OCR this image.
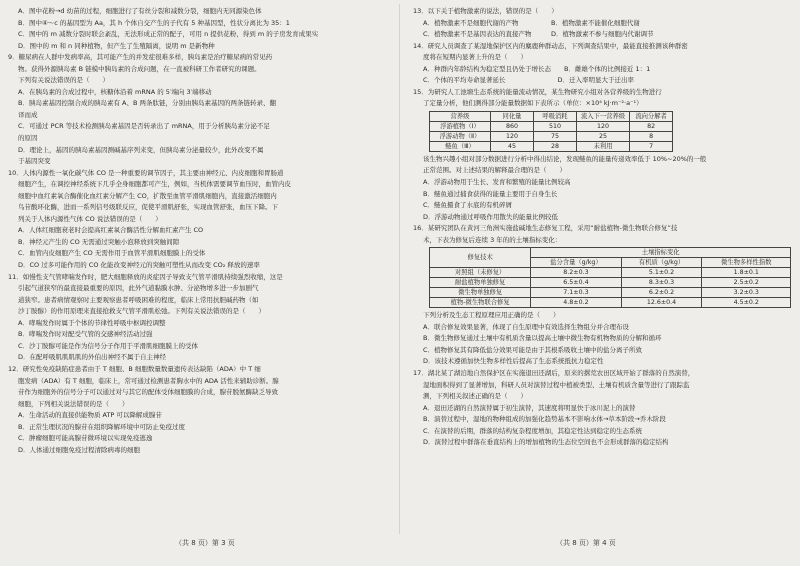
A．图中花粉→d 幼苗的过程，细胞进行了有丝分裂和减数分裂，细胞内无同源染色体
B．图中④～c 的基因型为 Aa，其 h 个体自交产生的子代有 5 种基因型，性状分离比为 35：1
C．图中的 m 减数分裂时联会紊乱，无法形成正常的配子，可用 n 提供花粉，得到 m 的子房发育成果实
D．图中的 m 和 n 同种植物，但产生了生殖隔离，说明 m 是新物种
9．糖尿病在人群中发病率高，其可能产生的并发症很难多样，胰岛素是治疗糖尿病的常见药
物。获得外源胰岛素 B 链模中胰岛素的合成问题，在一直被科研工作者研究的课题。
下列有关说法错误的是（　　）
A．在胰岛素的合成过程中，核糖体沿着 mRNA 的 5′端向 3′端移动
B．胰岛素基因控制合成的胰岛素有 A、B 两条肽链，分别由胰岛素基因的两条链转录、翻
译而成
C．可通过 PCR 等技术检测胰岛素基因是否转录出了 mRNA，用于分析胰岛素分泌不足
的原因
D．理论上，基因的胰岛素基因测碱基序列来变，但胰岛素分泌量较少，此外改变不属
于基因突变
10．人体内源性一氧化碳气体 CO 是一种重要的调节因子，其主要由神经元、内皮细胞和胃肠道
细胞产生，在调控神经系统下几乎全身细胞都可产生，例如，当机体需要调节血压时，血管内皮
细胞中血红素氧合酶催化血红素分解产生 CO，扩散至血管平滑肌细胞内，直接激活细胞内
鸟苷酸环化酶，进而一系列信号级联反应，促使平滑肌舒张，实现血管舒张，血压下降。下
列关于人体内源性气体 CO 说法错误的是（　　）
A．人体红细胞衰老时会提高红素氧合酶活性分解血红素产生 CO
B．神经元产生的 CO 无需通过突触小泡释放到突触间隙
C．血管内皮细胞产生 CO 无需作用于血管平滑肌细胞膜上的受体
D．CO 过多可能作用的 CO 化能改变神经元的突触可塑性从而改变 CO₂ 释放的速率
11．如慢性支气管哮喘发作时，肥大细胞释放的炎症因子导致支气管平滑肌持续强烈收缩，这是
引起气道狭窄的最直接最重要的原因，此外气道黏膜水肿、分泌物增多进一步加剧气
道狭窄。患者病情观察时主要观察患者呼吸困难的程度，临床上常用抗胆碱药物（如
沙丁胺醇）的作用原理来直接抢救支气管平滑肌松弛。下列有关说法错误的是（　　）
A．哮喘发作时属于个体的节律性呼吸中枢调控调整
B．哮喘发作时对配受气管的交感神经活动过强
C．沙丁胺醇可能是作为信号分子作用于平滑肌细胞膜上的受体
D．在配呼吸肌肌肌肌的外伯出神经不属于自主神经
12．研究性免疫缺陷症患者由于 T 细胞、B 细胞数量数量遗传表达缺陷（ADA）中 T 细
胞发病（ADA）有 T 细胞，临床上，常可通过检测患者胸水中的 ADA 活性来辅助诊断。腺
苷作为细胞外的信号分子可以通过对与其它的配体受体细胞膜的合成，腺苷脱氨酶缺乏导致
细胞，下列相关说法错误的是（　　）
A．生命活动的直接供能物质 ATP 可以降解成腺苷
B．正常生理状况的腺苷在组织降解环境中可防止免疫过度
C．肿瘤细胞可能高腺苷微环境以实现免疫逃逸
D．人体通过细胞免疫过程清除病毒的细胞
13．以下关于植物激素的说法，错误的是（　　）
A．植物激素不是细胞代谢的产物　　　　　B．植物激素不能催化细胞代谢
C．植物激素不是基因表达的直接产物　　　D．植物激素不参与细胞内代谢调节
14．研究人员调查了某湿地保护区内的麋鹿种群动态，下列调查结果中，最能直接推测该种群密
度将在短期内显著上升的是（　　）
A．种群内年龄结构为稳定型且仍处于增长态　　B．雌雄个体的比例接近 1：1
C．个体的平均寿命显著延长　　　　　　　　D．迁入率明显大于迁出率
15．为研究人工池塘生态系统的能量流动情况，某生物研究小组对各营养级的生物进行
了定量分析，他们测得部分能量数据如下表所示（单位：×10⁴ kJ·m⁻²·a⁻¹）
营养级	同化量	呼吸消耗	流入下一营养级	流向分解者
浮游植物（Ⅰ）	860	510	120	82
浮游动物（Ⅱ）	120	75	25	8
鲢鱼（Ⅲ）	45	28	未利用	7
该生物兴趣小组对部分数据进行分析中得出结论，发现鲢鱼的能量传递效率低于 10%~20%的一般
正常范围。对上述结果的解释最合理的是（　　）
A．浮游动物用于生长、发育和繁殖的能量比例较高
B．鲢鱼通过捕食获得的能量主要用于自身生长
C．鲢鱼摄食了水底的有机碎屑
D．浮游动物通过呼吸作用散失的能量比例较低
16．某研究团队在黄河三角洲实施盐碱地生态修复工程，采用“耐盐植物-微生物联合修复”技
术，下表为修复后连续 3 年的的土壤指标变化：
修复技术	土壤指标变化		
	盐分含量（g/kg）	有机质（g/kg）	微生物多样性指数
对照组（未修复）	8.2±0.3	5.1±0.2	1.8±0.1
耐盐植物单独修复	6.5±0.4	8.3±0.3	2.5±0.2
微生物单独修复	7.1±0.3	6.2±0.2	3.2±0.3
植物-微生物联合修复	4.8±0.2	12.6±0.4	4.5±0.2
下列分析及生态工程原理应用正确的是（　　）
A．联合修复效果显著，体现了自生原理中有效选择生物组分并合理布设
B．微生物修复通过土壤中有机质含量以提高土壤中微生物有机物物质的分解和循环
C．植物修复其有降低盐分效果可能是由于其根系吸收土壤中的盐分离子所致
D．该技术遵循加快生物多样性后提高了生态系统抵抗力稳定性
17．湖北某了湖泊地自然保护区在实施退田还湖后，原来的撂荒农田区域开始了群落的自然演替，
湿地面积得到了显著增加，科研人员对演替过程中植被类型、土壤有机质含量等进行了跟踪监
测，下列相关叙述正确的是（　　）
A．退田还湖的自然演替属于初生演替，其速度将明显快于冰川泥上的演替
B．演替过程中，湿地的物种组成的加强化趋势基本不影响水体→草本阶段→乔木阶段
C．在演替的后期，群落的结构复杂程度增加，其稳定性达到稳定的生态系统
D．演替过程中群落在垂直结构上的增加植物的生态位空间也不会形成群落的稳定结构
（共 8 页）第 3 页	（共 8 页）第 4 页
